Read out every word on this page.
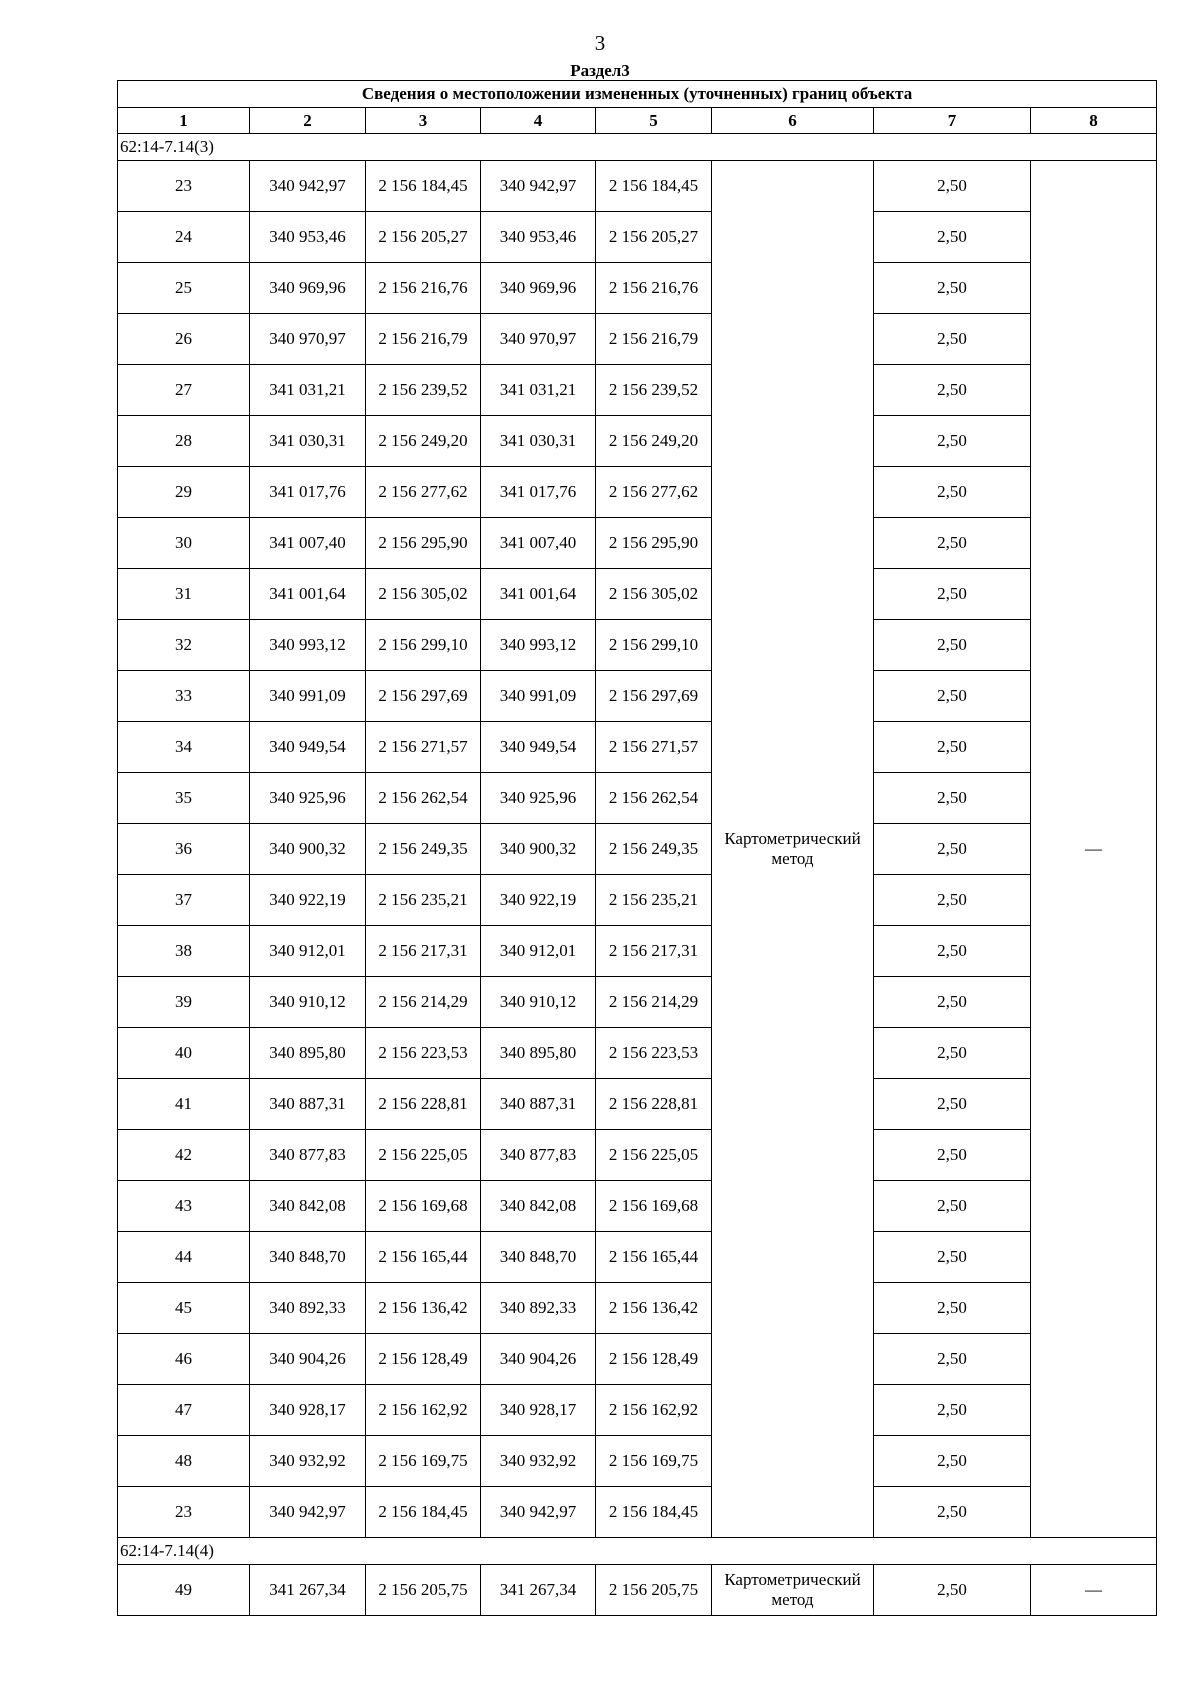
3
Раздел3
Сведения о местоположении измененных (уточненных) границ объекта							
1	2	3	4	5	6	7	8
62:14-7.14(3)							
23	340 942,97	2 156 184,45	340 942,97	2 156 184,45	Картометрический метод	2,50	—
24	340 953,46	2 156 205,27	340 953,46	2 156 205,27		2,50	
25	340 969,96	2 156 216,76	340 969,96	2 156 216,76		2,50	
26	340 970,97	2 156 216,79	340 970,97	2 156 216,79		2,50	
27	341 031,21	2 156 239,52	341 031,21	2 156 239,52		2,50	
28	341 030,31	2 156 249,20	341 030,31	2 156 249,20		2,50	
29	341 017,76	2 156 277,62	341 017,76	2 156 277,62		2,50	
30	341 007,40	2 156 295,90	341 007,40	2 156 295,90		2,50	
31	341 001,64	2 156 305,02	341 001,64	2 156 305,02		2,50	
32	340 993,12	2 156 299,10	340 993,12	2 156 299,10		2,50	
33	340 991,09	2 156 297,69	340 991,09	2 156 297,69		2,50	
34	340 949,54	2 156 271,57	340 949,54	2 156 271,57		2,50	
35	340 925,96	2 156 262,54	340 925,96	2 156 262,54		2,50	
36	340 900,32	2 156 249,35	340 900,32	2 156 249,35		2,50	
37	340 922,19	2 156 235,21	340 922,19	2 156 235,21		2,50	
38	340 912,01	2 156 217,31	340 912,01	2 156 217,31		2,50	
39	340 910,12	2 156 214,29	340 910,12	2 156 214,29		2,50	
40	340 895,80	2 156 223,53	340 895,80	2 156 223,53		2,50	
41	340 887,31	2 156 228,81	340 887,31	2 156 228,81		2,50	
42	340 877,83	2 156 225,05	340 877,83	2 156 225,05		2,50	
43	340 842,08	2 156 169,68	340 842,08	2 156 169,68		2,50	
44	340 848,70	2 156 165,44	340 848,70	2 156 165,44		2,50	
45	340 892,33	2 156 136,42	340 892,33	2 156 136,42		2,50	
46	340 904,26	2 156 128,49	340 904,26	2 156 128,49		2,50	
47	340 928,17	2 156 162,92	340 928,17	2 156 162,92		2,50	
48	340 932,92	2 156 169,75	340 932,92	2 156 169,75		2,50	
23	340 942,97	2 156 184,45	340 942,97	2 156 184,45		2,50	
62:14-7.14(4)							
49	341 267,34	2 156 205,75	341 267,34	2 156 205,75	Картометрический метод	2,50	—
